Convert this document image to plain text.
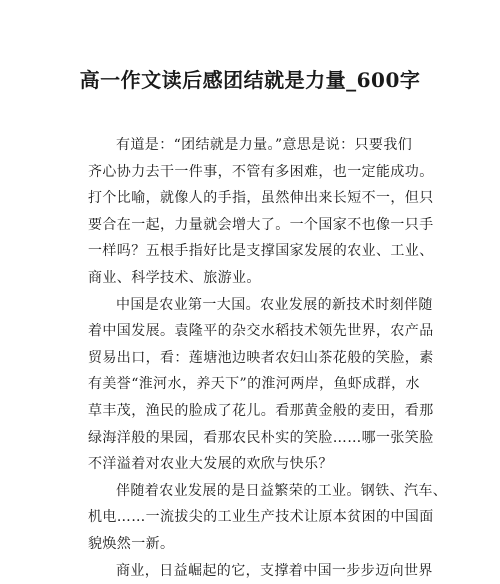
高一作文读后感团结就是力量_600字
有道是：“团结就是力量。”意思是说：只要我们
齐心协力去干一件事，不管有多困难，也一定能成功。
打个比喻，就像人的手指，虽然伸出来长短不一，但只
要合在一起，力量就会增大了。一个国家不也像一只手
一样吗？五根手指好比是支撑国家发展的农业、工业、
商业、科学技术、旅游业。
中国是农业第一大国。农业发展的新技术时刻伴随
着中国发展。袁隆平的杂交水稻技术领先世界，农产品
贸易出口，看：莲塘池边映者农妇山茶花般的笑脸，素
有美誉“淮河水，养天下”的淮河两岸，鱼虾成群，水
草丰茂，渔民的脸成了花儿。看那黄金般的麦田，看那
绿海洋般的果园，看那农民朴实的笑脸……哪一张笑脸
不洋溢着对农业大发展的欢欣与快乐？
伴随着农业发展的是日益繁荣的工业。钢铁、汽车、
机电……一流拔尖的工业生产技术让原本贫困的中国面
貌焕然一新。
商业，日益崛起的它，支撑着中国一步步迈向世界
